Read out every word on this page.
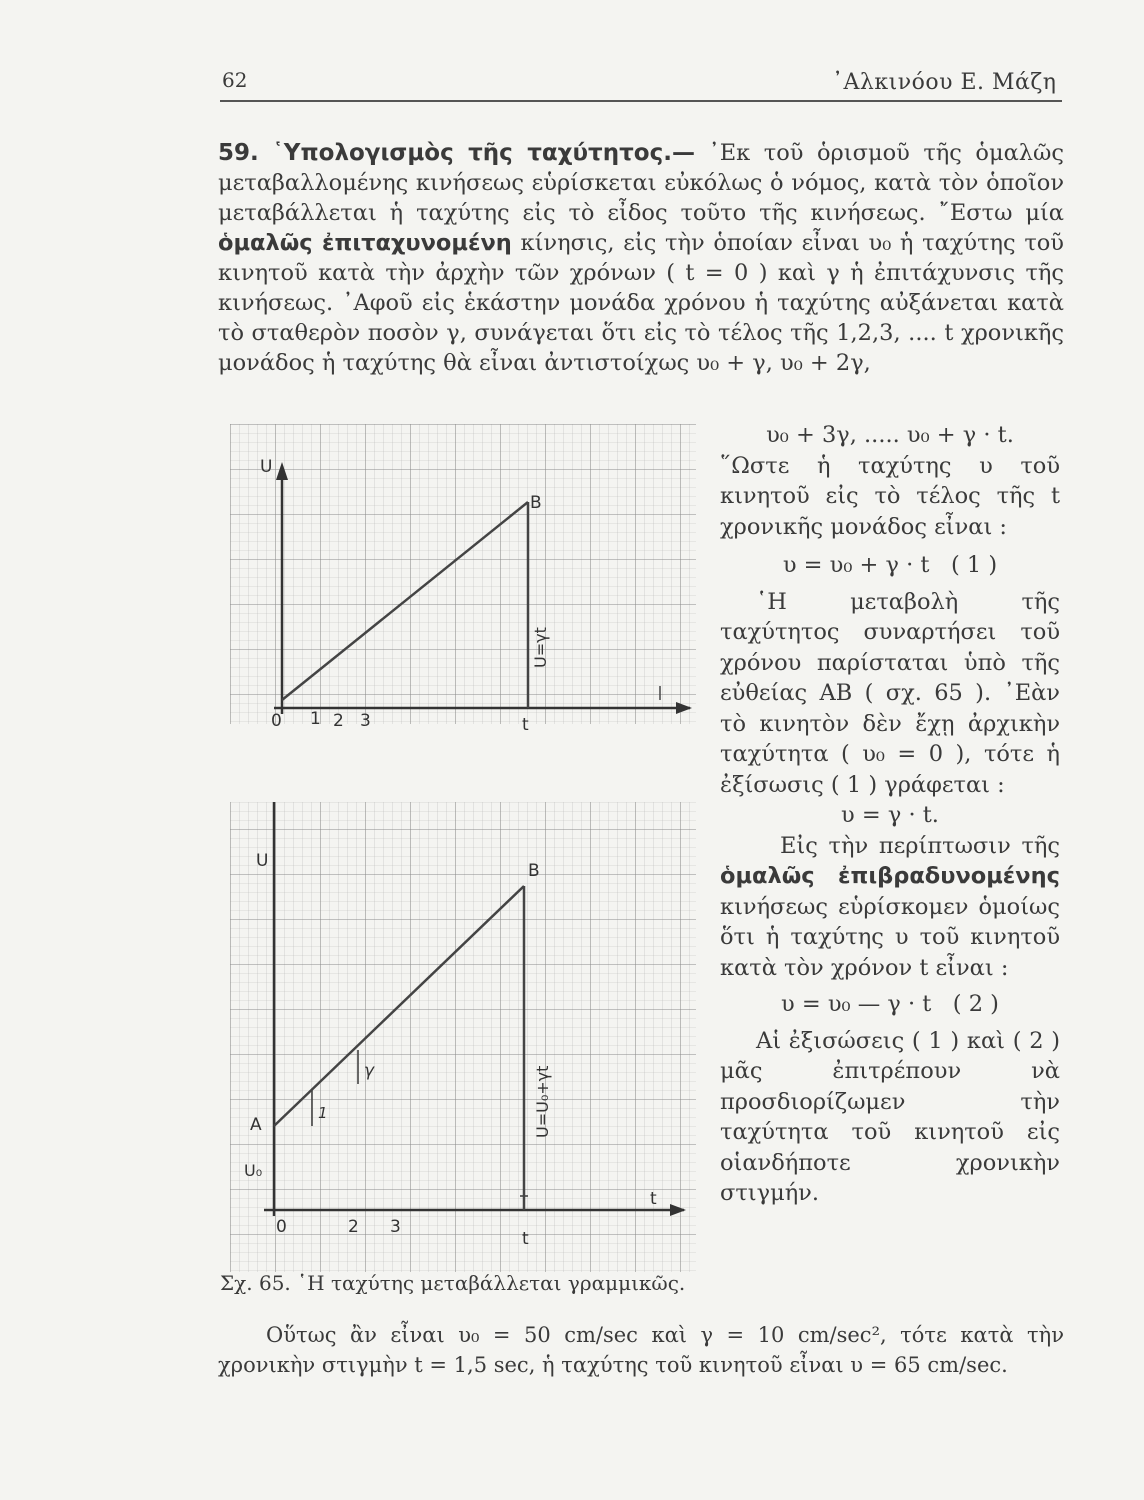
62	᾿Αλκινόου Ε. Μάζη

59. ῾Υπολογισμὸς τῆς ταχύτητος.— ᾿Εκ τοῦ ὁρισμοῦ τῆς ὁμαλῶς μεταβαλλομένης κινήσεως εὑρίσκεται εὐκόλως ὁ νόμος, κατὰ τὸν ὁποῖον μεταβάλλεται ἡ ταχύτης εἰς τὸ εἶδος τοῦτο τῆς κινήσεως. ῎Εστω μία ὁμαλῶς ἐπιταχυνομένη κίνησις, εἰς τὴν ὁποίαν εἶναι υ₀ ἡ ταχύτης τοῦ κινητοῦ κατὰ τὴν ἀρχὴν τῶν χρόνων ( t = 0 ) καὶ γ ἡ ἐπιτάχυνσις τῆς κινήσεως. ᾿Αφοῦ εἰς ἑκάστην μονάδα χρόνου ἡ ταχύτης αὐξάνεται κατὰ τὸ σταθερὸν ποσὸν γ, συνάγεται ὅτι εἰς τὸ τέλος τῆς 1,2,3, .... t χρονικῆς μονάδος ἡ ταχύτης θὰ εἶναι ἀντιστοίχως υ₀ + γ, υ₀ + 2γ,

U
0 1 2 3	t
B
U=γt
U
A
U₀
0	2 3
t
t
B
γ
1	U=U₀+γt

υ₀ + 3γ, ..... υ₀ + γ · t.

῞Ωστε ἡ ταχύτης υ τοῦ κινητοῦ εἰς τὸ τέλος τῆς t χρονικῆς μονάδος εἶναι :

υ = υ₀ + γ · t ( 1 )

῾Η μεταβολὴ τῆς ταχύτητος συναρτήσει τοῦ χρόνου παρίσταται ὑπὸ τῆς εὐθείας AB ( σχ. 65 ). ᾿Εὰν τὸ κινητὸν δὲν ἔχῃ ἀρχικὴν ταχύτητα ( υ₀ = 0 ), τότε ἡ ἐξίσωσις ( 1 ) γράφεται :

υ = γ · t.

Εἰς τὴν περίπτωσιν τῆς ὁμαλῶς ἐπιβραδυνομένης κινήσεως εὑρίσκομεν ὁμοίως ὅτι ἡ ταχύτης υ τοῦ κινητοῦ κατὰ τὸν χρόνον t εἶναι :

υ = υ₀ — γ · t ( 2 )

Αἱ ἐξισώσεις ( 1 ) καὶ ( 2 ) μᾶς ἐπιτρέπουν νὰ προσδιορίζωμεν τὴν ταχύτητα τοῦ κινητοῦ εἰς οἱανδήποτε χρονικὴν στιγμήν.

Σχ. 65. ῾Η ταχύτης μεταβάλλεται γραμμικῶς.

Οὕτως ἂν εἶναι υ₀ = 50 cm/sec καὶ γ = 10 cm/sec², τότε κατὰ τὴν χρονικὴν στιγμὴν t = 1,5 sec, ἡ ταχύτης τοῦ κινητοῦ εἶναι υ = 65 cm/sec.
